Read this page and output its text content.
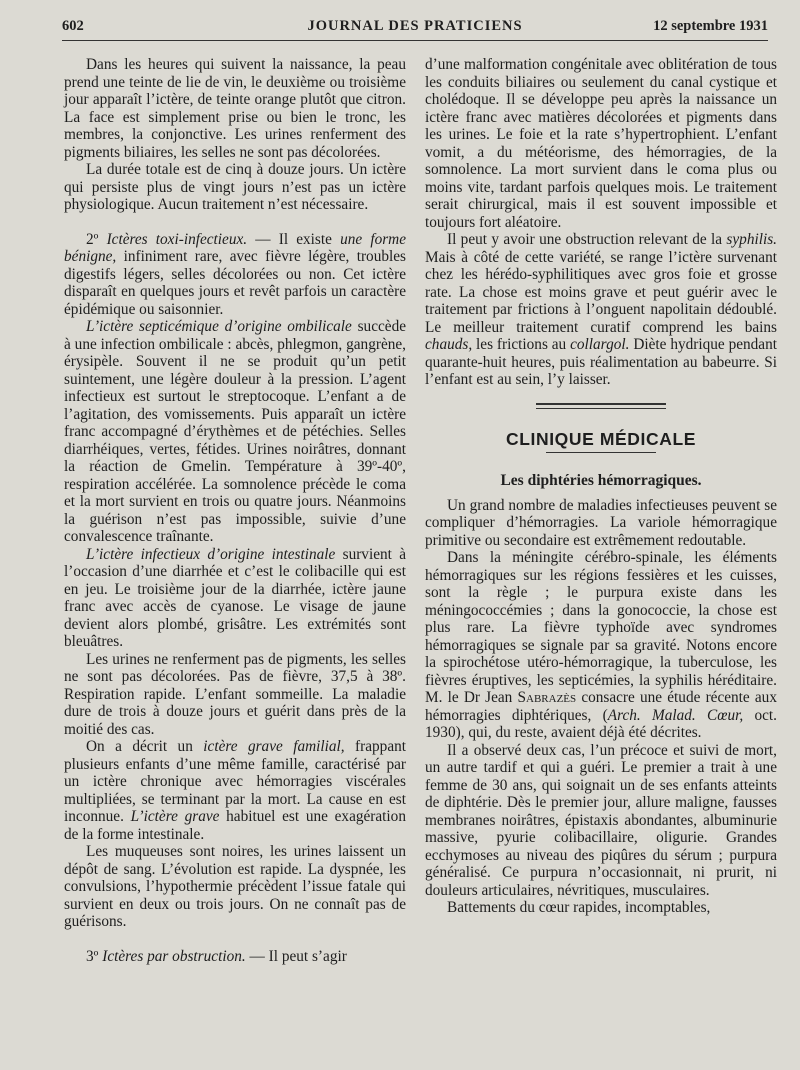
602	JOURNAL DES PRATICIENS	12 septembre 1931

Dans les heures qui suivent la naissance, la peau prend une teinte de lie de vin, le deuxième ou troisième jour apparaît l’ictère, de teinte orange plutôt que citron. La face est simplement prise ou bien le tronc, les membres, la conjonctive. Les urines renferment des pigments biliaires, les selles ne sont pas décolorées.

La durée totale est de cinq à douze jours. Un ictère qui persiste plus de vingt jours n’est pas un ictère physiologique. Aucun traitement n’est nécessaire.

2º Ictères toxi-infectieux. — Il existe une forme bénigne, infiniment rare, avec fièvre légère, troubles digestifs légers, selles décolorées ou non. Cet ictère disparaît en quelques jours et revêt parfois un caractère épidémique ou saisonnier.

L’ictère septicémique d’origine ombilicale succède à une infection ombilicale : abcès, phlegmon, gangrène, érysipèle. Souvent il ne se produit qu’un petit suintement, une légère douleur à la pression. L’agent infectieux est surtout le streptocoque. L’enfant a de l’agitation, des vomissements. Puis apparaît un ictère franc accompagné d’érythèmes et de pétéchies. Selles diarrhéiques, vertes, fétides. Urines noirâtres, donnant la réaction de Gmelin. Température à 39º-40º, respiration accélérée. La somnolence précède le coma et la mort survient en trois ou quatre jours. Néanmoins la guérison n’est pas impossible, suivie d’une convalescence traînante.

L’ictère infectieux d’origine intestinale survient à l’occasion d’une diarrhée et c’est le colibacille qui est en jeu. Le troisième jour de la diarrhée, ictère jaune franc avec accès de cyanose. Le visage de jaune devient alors plombé, grisâtre. Les extrémités sont bleuâtres.

Les urines ne renferment pas de pigments, les selles ne sont pas décolorées. Pas de fièvre, 37,5 à 38º. Respiration rapide. L’enfant sommeille. La maladie dure de trois à douze jours et guérit dans près de la moitié des cas.

On a décrit un ictère grave familial, frappant plusieurs enfants d’une même famille, caractérisé par un ictère chronique avec hémorragies viscérales multipliées, se terminant par la mort. La cause en est inconnue. L’ictère grave habituel est une exagération de la forme intestinale.

Les muqueuses sont noires, les urines laissent un dépôt de sang. L’évolution est rapide. La dyspnée, les convulsions, l’hypothermie précèdent l’issue fatale qui survient en deux ou trois jours. On ne connaît pas de guérisons.

3º Ictères par obstruction. — Il peut s’agir

d’une malformation congénitale avec oblitération de tous les conduits biliaires ou seulement du canal cystique et cholédoque. Il se développe peu après la naissance un ictère franc avec matières décolorées et pigments dans les urines. Le foie et la rate s’hypertrophient. L’enfant vomit, a du météorisme, des hémorragies, de la somnolence. La mort survient dans le coma plus ou moins vite, tardant parfois quelques mois. Le traitement serait chirurgical, mais il est souvent impossible et toujours fort aléatoire.

Il peut y avoir une obstruction relevant de la syphilis. Mais à côté de cette variété, se range l’ictère survenant chez les hérédo-syphilitiques avec gros foie et grosse rate. La chose est moins grave et peut guérir avec le traitement par frictions à l’onguent napolitain dédoublé. Le meilleur traitement curatif comprend les bains chauds, les frictions au collargol. Diète hydrique pendant quarante-huit heures, puis réalimentation au babeurre. Si l’enfant est au sein, l’y laisser.

CLINIQUE MÉDICALE
Les diphtéries hémorragiques.

Un grand nombre de maladies infectieuses peuvent se compliquer d’hémorragies. La variole hémorragique primitive ou secondaire est extrêmement redoutable.

Dans la méningite cérébro-spinale, les éléments hémorragiques sur les régions fessières et les cuisses, sont la règle ; le purpura existe dans les méningococcémies ; dans la gonococcie, la chose est plus rare. La fièvre typhoïde avec syndromes hémorragiques se signale par sa gravité. Notons encore la spirochétose utéro-hémorragique, la tuberculose, les fièvres éruptives, les septicémies, la syphilis héréditaire. M. le Dr Jean Sabrazès consacre une étude récente aux hémorragies diphtériques, (Arch. Malad. Cœur, oct. 1930), qui, du reste, avaient déjà été décrites.

Il a observé deux cas, l’un précoce et suivi de mort, un autre tardif et qui a guéri. Le premier a trait à une femme de 30 ans, qui soignait un de ses enfants atteints de diphtérie. Dès le premier jour, allure maligne, fausses membranes noirâtres, épistaxis abondantes, albuminurie massive, pyurie colibacillaire, oligurie. Grandes ecchymoses au niveau des piqûres du sérum ; purpura généralisé. Ce purpura n’occasionnait, ni prurit, ni douleurs articulaires, névritiques, musculaires.

Battements du cœur rapides, incomptables,
